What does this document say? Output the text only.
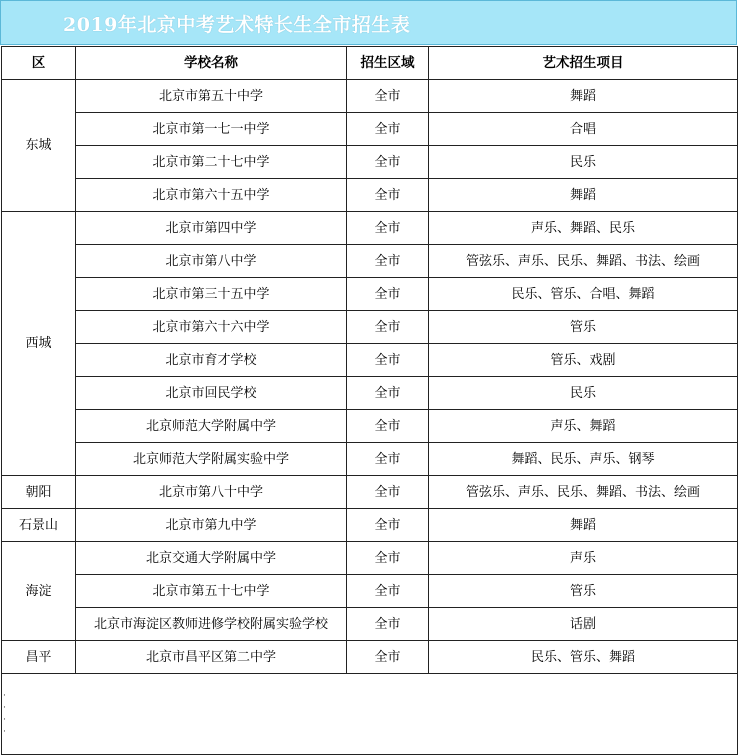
2019年北京中考艺术特长生全市招生表
区	学校名称	招生区域	艺术招生项目
东城	北京市第五十中学	全市	舞蹈
	北京市第一七一中学	全市	合唱
	北京市第二十七中学	全市	民乐
	北京市第六十五中学	全市	舞蹈
西城	北京市第四中学	全市	声乐、舞蹈、民乐
	北京市第八中学	全市	管弦乐、声乐、民乐、舞蹈、书法、绘画
	北京市第三十五中学	全市	民乐、管乐、合唱、舞蹈
	北京市第六十六中学	全市	管乐
	北京市育才学校	全市	管乐、戏剧
	北京市回民学校	全市	民乐
	北京师范大学附属中学	全市	声乐、舞蹈
	北京师范大学附属实验中学	全市	舞蹈、民乐、声乐、钢琴
朝阳	北京市第八十中学	全市	管弦乐、声乐、民乐、舞蹈、书法、绘画
石景山	北京市第九中学	全市	舞蹈
海淀	北京交通大学附属中学	全市	声乐
	北京市第五十七中学	全市	管乐
	北京市海淀区教师进修学校附属实验学校	全市	话剧
昌平	北京市昌平区第二中学	全市	民乐、管乐、舞蹈

·
·
·
·
